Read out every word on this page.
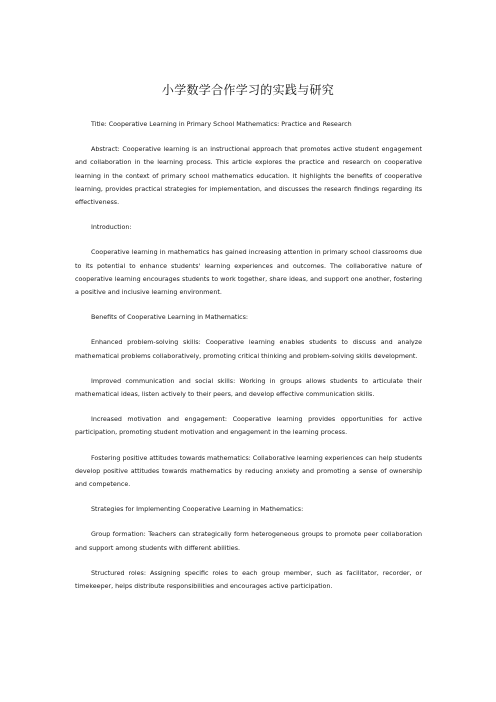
小学数学合作学习的实践与研究

Title: Cooperative Learning in Primary School Mathematics: Practice and Research

Abstract: Cooperative learning is an instructional approach that promotes active student engagement and collaboration in the learning process. This article explores the practice and research on cooperative learning in the context of primary school mathematics education. It highlights the benefits of cooperative learning, provides practical strategies for implementation, and discusses the research findings regarding its effectiveness.

Introduction:

Cooperative learning in mathematics has gained increasing attention in primary school classrooms due to its potential to enhance students' learning experiences and outcomes. The collaborative nature of cooperative learning encourages students to work together, share ideas, and support one another, fostering a positive and inclusive learning environment.

Benefits of Cooperative Learning in Mathematics:

Enhanced problem-solving skills: Cooperative learning enables students to discuss and analyze mathematical problems collaboratively, promoting critical thinking and problem-solving skills development.

Improved communication and social skills: Working in groups allows students to articulate their mathematical ideas, listen actively to their peers, and develop effective communication skills.

Increased motivation and engagement: Cooperative learning provides opportunities for active participation, promoting student motivation and engagement in the learning process.

Fostering positive attitudes towards mathematics: Collaborative learning experiences can help students develop positive attitudes towards mathematics by reducing anxiety and promoting a sense of ownership and competence.

Strategies for Implementing Cooperative Learning in Mathematics:

Group formation: Teachers can strategically form heterogeneous groups to promote peer collaboration and support among students with different abilities.

Structured roles: Assigning specific roles to each group member, such as facilitator, recorder, or timekeeper, helps distribute responsibilities and encourages active participation.
